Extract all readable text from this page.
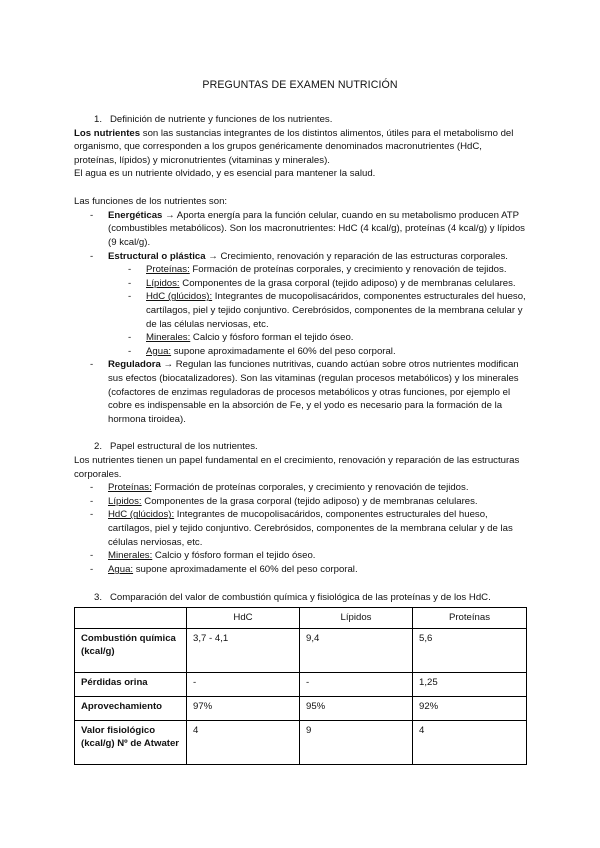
PREGUNTAS DE EXAMEN NUTRICIÓN
1. Definición de nutriente y funciones de los nutrientes.

Los nutrientes son las sustancias integrantes de los distintos alimentos, útiles para el metabolismo del organismo, que corresponden a los grupos genéricamente denominados macronutrientes (HdC, proteínas, lípidos) y micronutrientes (vitaminas y minerales).

El agua es un nutriente olvidado, y es esencial para mantener la salud.

Las funciones de los nutrientes son:

- Energéticas → Aporta energía para la función celular, cuando en su metabolismo producen ATP (combustibles metabólicos). Son los macronutrientes: HdC (4 kcal/g), proteínas (4 kcal/g) y lípidos (9 kcal/g).
- Estructural o plástica → Crecimiento, renovación y reparación de las estructuras corporales.
- Proteínas: Formación de proteínas corporales, y crecimiento y renovación de tejidos.
- Lípidos: Componentes de la grasa corporal (tejido adiposo) y de membranas celulares.
- HdC (glúcidos): Integrantes de mucopolisacáridos, componentes estructurales del hueso, cartílagos, piel y tejido conjuntivo. Cerebrósidos, componentes de la membrana celular y de las células nerviosas, etc.
- Minerales: Calcio y fósforo forman el tejido óseo.
- Agua: supone aproximadamente el 60% del peso corporal.
- Reguladora → Regulan las funciones nutritivas, cuando actúan sobre otros nutrientes modifican sus efectos (biocatalizadores). Son las vitaminas (regulan procesos metabólicos) y los minerales (cofactores de enzimas reguladoras de procesos metabólicos y otras funciones, por ejemplo el cobre es indispensable en la absorción de Fe, y el yodo es necesario para la formación de la hormona tiroidea).
2. Papel estructural de los nutrientes.

Los nutrientes tienen un papel fundamental en el crecimiento, renovación y reparación de las estructuras corporales.

- Proteínas: Formación de proteínas corporales, y crecimiento y renovación de tejidos.
- Lípidos: Componentes de la grasa corporal (tejido adiposo) y de membranas celulares.
- HdC (glúcidos): Integrantes de mucopolisacáridos, componentes estructurales del hueso, cartílagos, piel y tejido conjuntivo. Cerebrósidos, componentes de la membrana celular y de las células nerviosas, etc.
- Minerales: Calcio y fósforo forman el tejido óseo.
- Agua: supone aproximadamente el 60% del peso corporal.
3. Comparación del valor de combustión química y fisiológica de las proteínas y de los HdC.
	HdC	Lípidos	Proteínas
Combustión química (kcal/g)	3,7 - 4,1	9,4	5,6
Pérdidas orina	-	-	1,25
Aprovechamiento	97%	95%	92%
Valor fisiológico (kcal/g) Nº de Atwater	4	9	4
